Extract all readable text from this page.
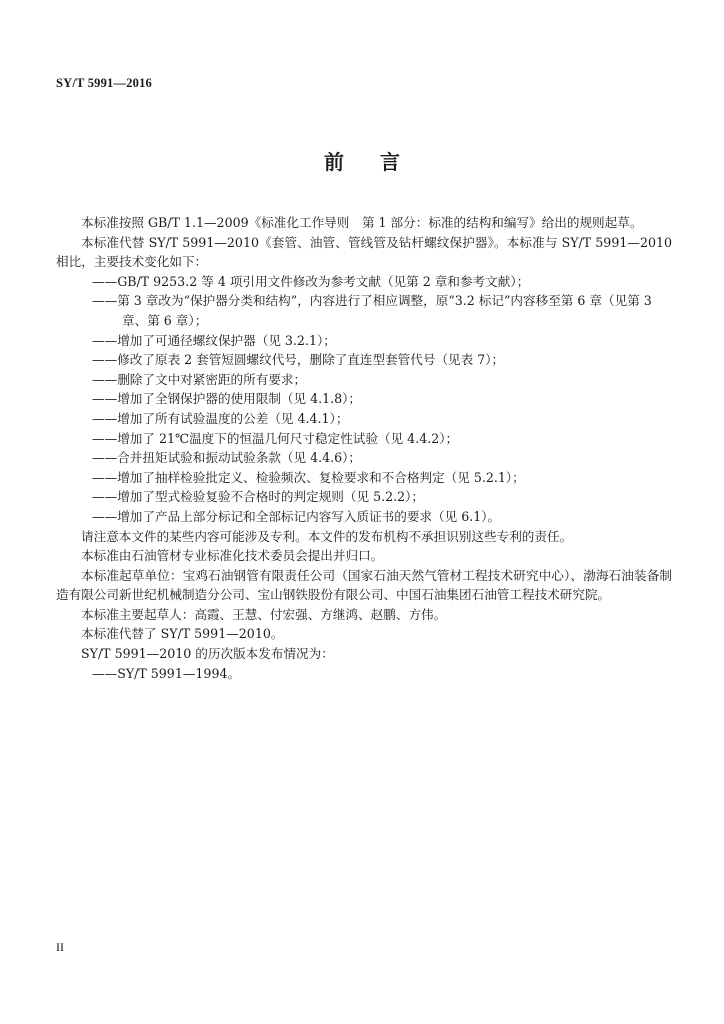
SY/T 5991—2016
前言

本标准按照 GB/T 1.1—2009《标准化工作导则　第 1 部分：标准的结构和编写》给出的规则起草。

本标准代替 SY/T 5991—2010《套管、油管、管线管及钻杆螺纹保护器》。本标准与 SY/T 5991—2010 相比，主要技术变化如下：

——GB/T 9253.2 等 4 项引用文件修改为参考文献（见第 2 章和参考文献）；

——第 3 章改为“保护器分类和结构”，内容进行了相应调整，原“3.2 标记”内容移至第 6 章（见第 3 章、第 6 章）；

——增加了可通径螺纹保护器（见 3.2.1）；

——修改了原表 2 套管短圆螺纹代号，删除了直连型套管代号（见表 7）；

——删除了文中对紧密距的所有要求；

——增加了全钢保护器的使用限制（见 4.1.8）；

——增加了所有试验温度的公差（见 4.4.1）；

——增加了 21℃温度下的恒温几何尺寸稳定性试验（见 4.4.2）；

——合并扭矩试验和振动试验条款（见 4.4.6）；

——增加了抽样检验批定义、检验频次、复检要求和不合格判定（见 5.2.1）；

——增加了型式检验复验不合格时的判定规则（见 5.2.2）；

——增加了产品上部分标记和全部标记内容写入质证书的要求（见 6.1）。

请注意本文件的某些内容可能涉及专利。本文件的发布机构不承担识别这些专利的责任。

本标准由石油管材专业标准化技术委员会提出并归口。

本标准起草单位：宝鸡石油钢管有限责任公司（国家石油天然气管材工程技术研究中心）、渤海石油装备制造有限公司新世纪机械制造分公司、宝山钢铁股份有限公司、中国石油集团石油管工程技术研究院。

本标准主要起草人：高霞、王慧、付宏强、方继鸿、赵鹏、方伟。

本标准代替了 SY/T 5991—2010。

SY/T 5991—2010 的历次版本发布情况为：

——SY/T 5991—1994。

II
